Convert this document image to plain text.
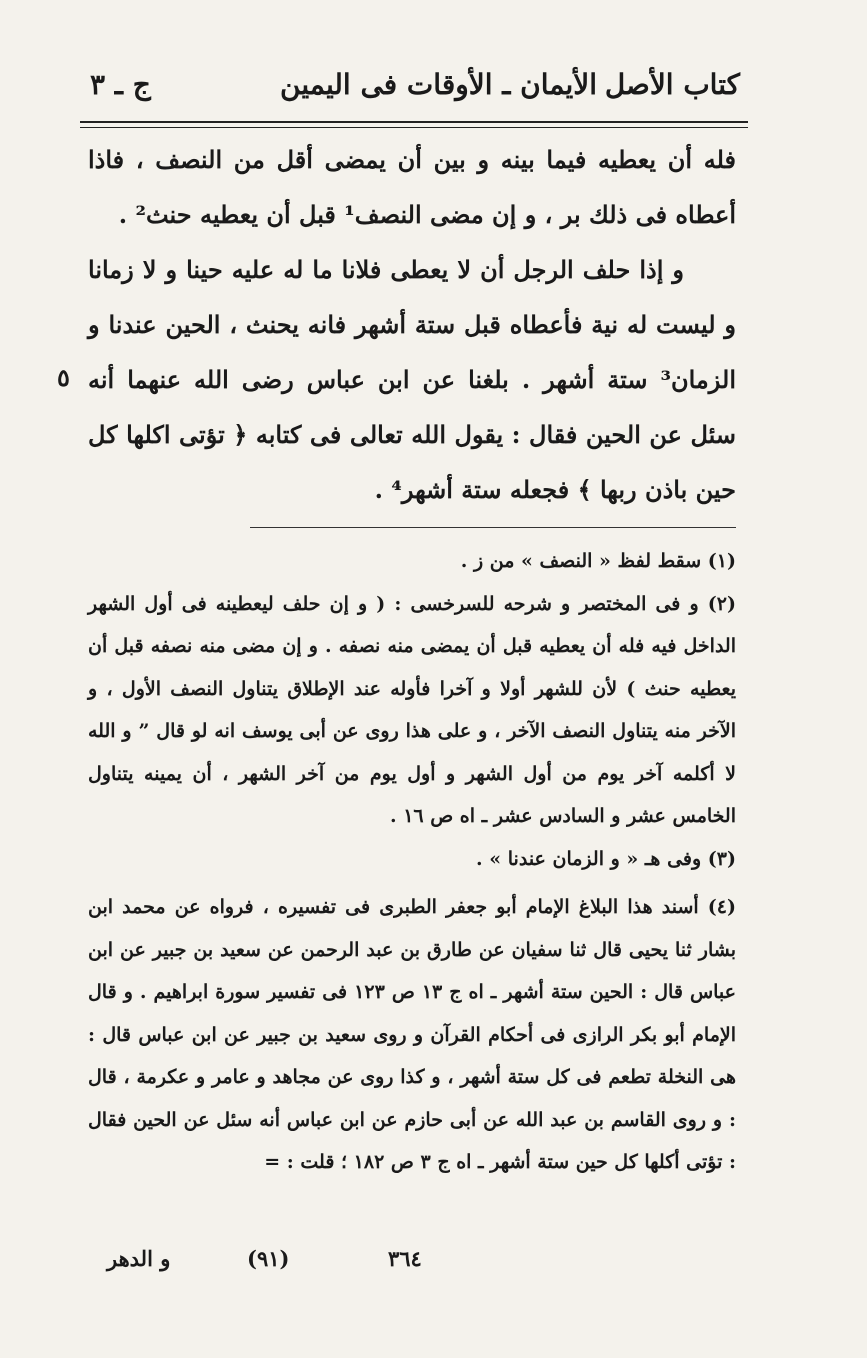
كتاب الأصل
الأيمان ـ الأوقات فى اليمين
ج ـ ٣

فله أن يعطيه فيما بينه و بين أن يمضى أقل من النصف ، فاذا أعطاه فى ذلك بر ، و إن مضى النصف¹ قبل أن يعطيه حنث² .

و إذا حلف الرجل أن لا يعطى فلانا ما له عليه حينا و لا زمانا و ليست له نية فأعطاه قبل ستة أشهر فانه يحنث ، الحين عندنا و الزمان³ ستة أشهر . بلغنا عن ابن عباس رضى الله عنهما أنه سئل عن الحين فقال : يقول الله تعالى فى كتابه ﴿ تؤتى اكلها كل حين باذن ربها ﴾ فجعله ستة أشهر⁴ .

٥

(١) سقط لفظ « النصف » من ز .

(٢) و فى المختصر و شرحه للسرخسى : ( و إن حلف ليعطينه فى أول الشهر الداخل فيه فله أن يعطيه قبل أن يمضى منه نصفه . و إن مضى منه نصفه قبل أن يعطيه حنث ) لأن للشهر أولا و آخرا فأوله عند الإطلاق يتناول النصف الأول ، و الآخر منه يتناول النصف الآخر ، و على هذا روى عن أبى يوسف انه لو قال ” و الله لا أكلمه آخر يوم من أول الشهر و أول يوم من آخر الشهر ، أن يمينه يتناول الخامس عشر و السادس عشر ـ اه ص ١٦ .

(٣) وفى هـ « و الزمان عندنا » .

(٤) أسند هذا البلاغ الإمام أبو جعفر الطبرى فى تفسيره ، فرواه عن محمد ابن بشار ثنا يحيى قال ثنا سفيان عن طارق بن عبد الرحمن عن سعيد بن جبير عن ابن عباس قال : الحين ستة أشهر ـ اه ج ١٣ ص ١٢٣ فى تفسير سورة ابراهيم . و قال الإمام أبو بكر الرازى فى أحكام القرآن و روى سعيد بن جبير عن ابن عباس قال : هى النخلة تطعم فى كل ستة أشهر ، و كذا روى عن مجاهد و عامر و عكرمة ، قال : و روى القاسم بن عبد الله عن أبى حازم عن ابن عباس أنه سئل عن الحين فقال : تؤتى أكلها كل حين ستة أشهر ـ اه ج ٣ ص ١٨٢ ؛ قلت : =

٣٦٤
(٩١)
و الدهر
